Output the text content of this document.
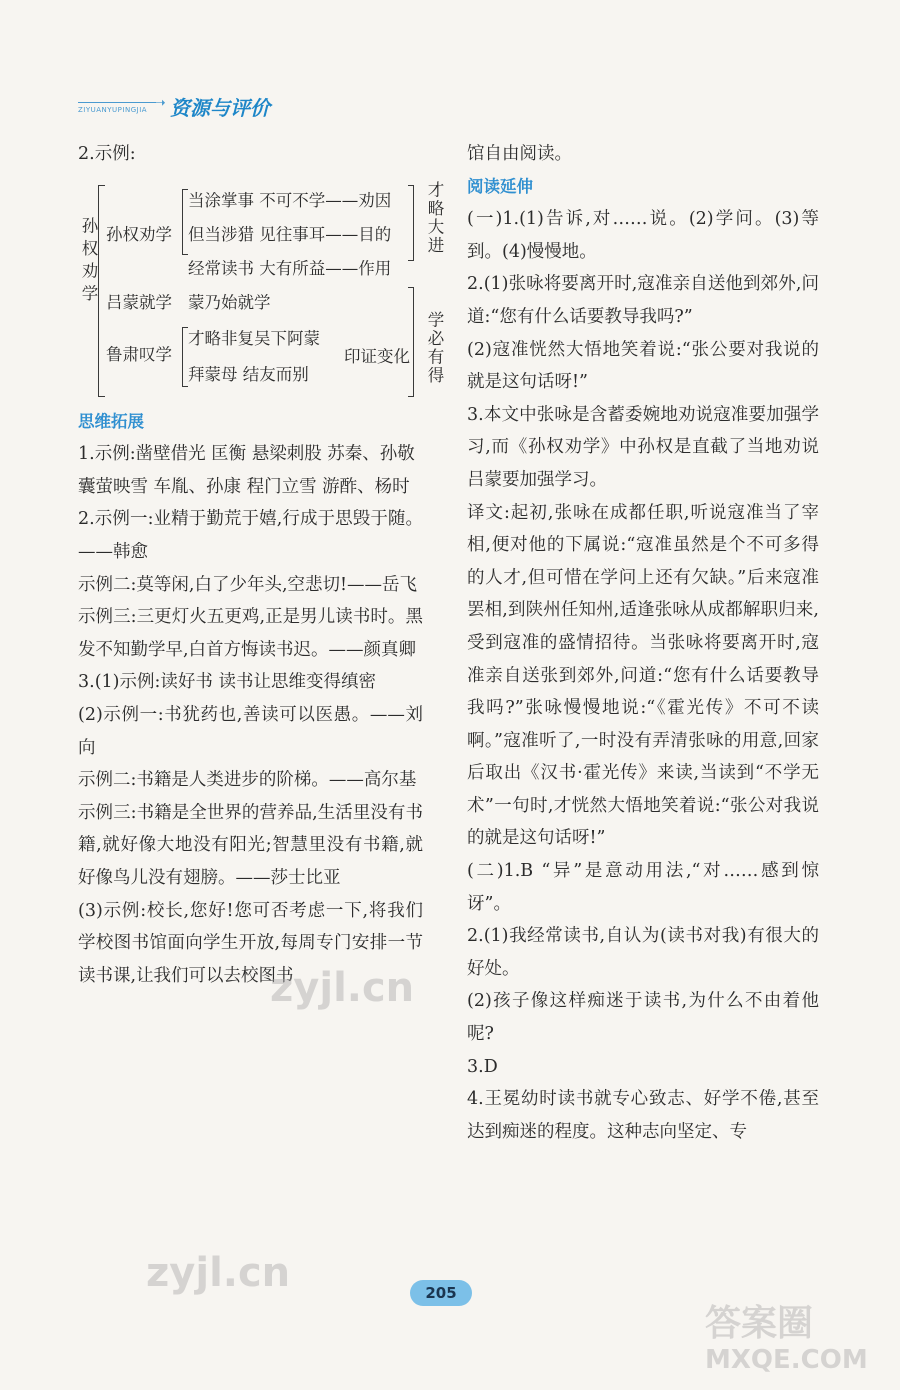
➝
ZIYUANYUPINGJIA 资源与评价

2.示例:

孙权劝学 孙权劝学
当涂掌事 不可不学——劝因
但当涉猎 见往事耳——目的
经常读书 大有所益——作用
吕蒙就学 蒙乃始就学
鲁肃叹学
才略非复吴下阿蒙
拜蒙母 结友而别
印证变化
才略大进
学必有得

思维拓展

1.示例:凿壁借光 匡衡 悬梁刺股 苏秦、孙敬

囊萤映雪 车胤、孙康 程门立雪 游酢、杨时

2.示例一:业精于勤荒于嬉,行成于思毁于随。——韩愈

示例二:莫等闲,白了少年头,空悲切!——岳飞

示例三:三更灯火五更鸡,正是男儿读书时。黑发不知勤学早,白首方悔读书迟。——颜真卿

3.(1)示例:读好书 读书让思维变得缜密

(2)示例一:书犹药也,善读可以医愚。——刘向

示例二:书籍是人类进步的阶梯。——高尔基

示例三:书籍是全世界的营养品,生活里没有书籍,就好像大地没有阳光;智慧里没有书籍,就好像鸟儿没有翅膀。——莎士比亚

(3)示例:校长,您好!您可否考虑一下,将我们学校图书馆面向学生开放,每周专门安排一节读书课,让我们可以去校图书

馆自由阅读。

阅读延伸

(一)1.(1)告诉,对……说。(2)学问。(3)等到。(4)慢慢地。

2.(1)张咏将要离开时,寇准亲自送他到郊外,问道:“您有什么话要教导我吗?”

(2)寇准恍然大悟地笑着说:“张公要对我说的就是这句话呀!”

3.本文中张咏是含蓄委婉地劝说寇准要加强学习,而《孙权劝学》中孙权是直截了当地劝说吕蒙要加强学习。

译文:起初,张咏在成都任职,听说寇准当了宰相,便对他的下属说:“寇准虽然是个不可多得的人才,但可惜在学问上还有欠缺。”后来寇准罢相,到陕州任知州,适逢张咏从成都解职归来,受到寇准的盛情招待。当张咏将要离开时,寇准亲自送张到郊外,问道:“您有什么话要教导我吗?”张咏慢慢地说:“《霍光传》不可不读啊。”寇准听了,一时没有弄清张咏的用意,回家后取出《汉书·霍光传》来读,当读到“不学无术”一句时,才恍然大悟地笑着说:“张公对我说的就是这句话呀!”

(二)1.B “异”是意动用法,“对……感到惊讶”。

2.(1)我经常读书,自认为(读书对我)有很大的好处。

(2)孩子像这样痴迷于读书,为什么不由着他呢?

3.D

4.王冕幼时读书就专心致志、好学不倦,甚至达到痴迷的程度。这种志向坚定、专

zyjl.cn
zyjl.cn
答案圈
MXQE.COM
205
